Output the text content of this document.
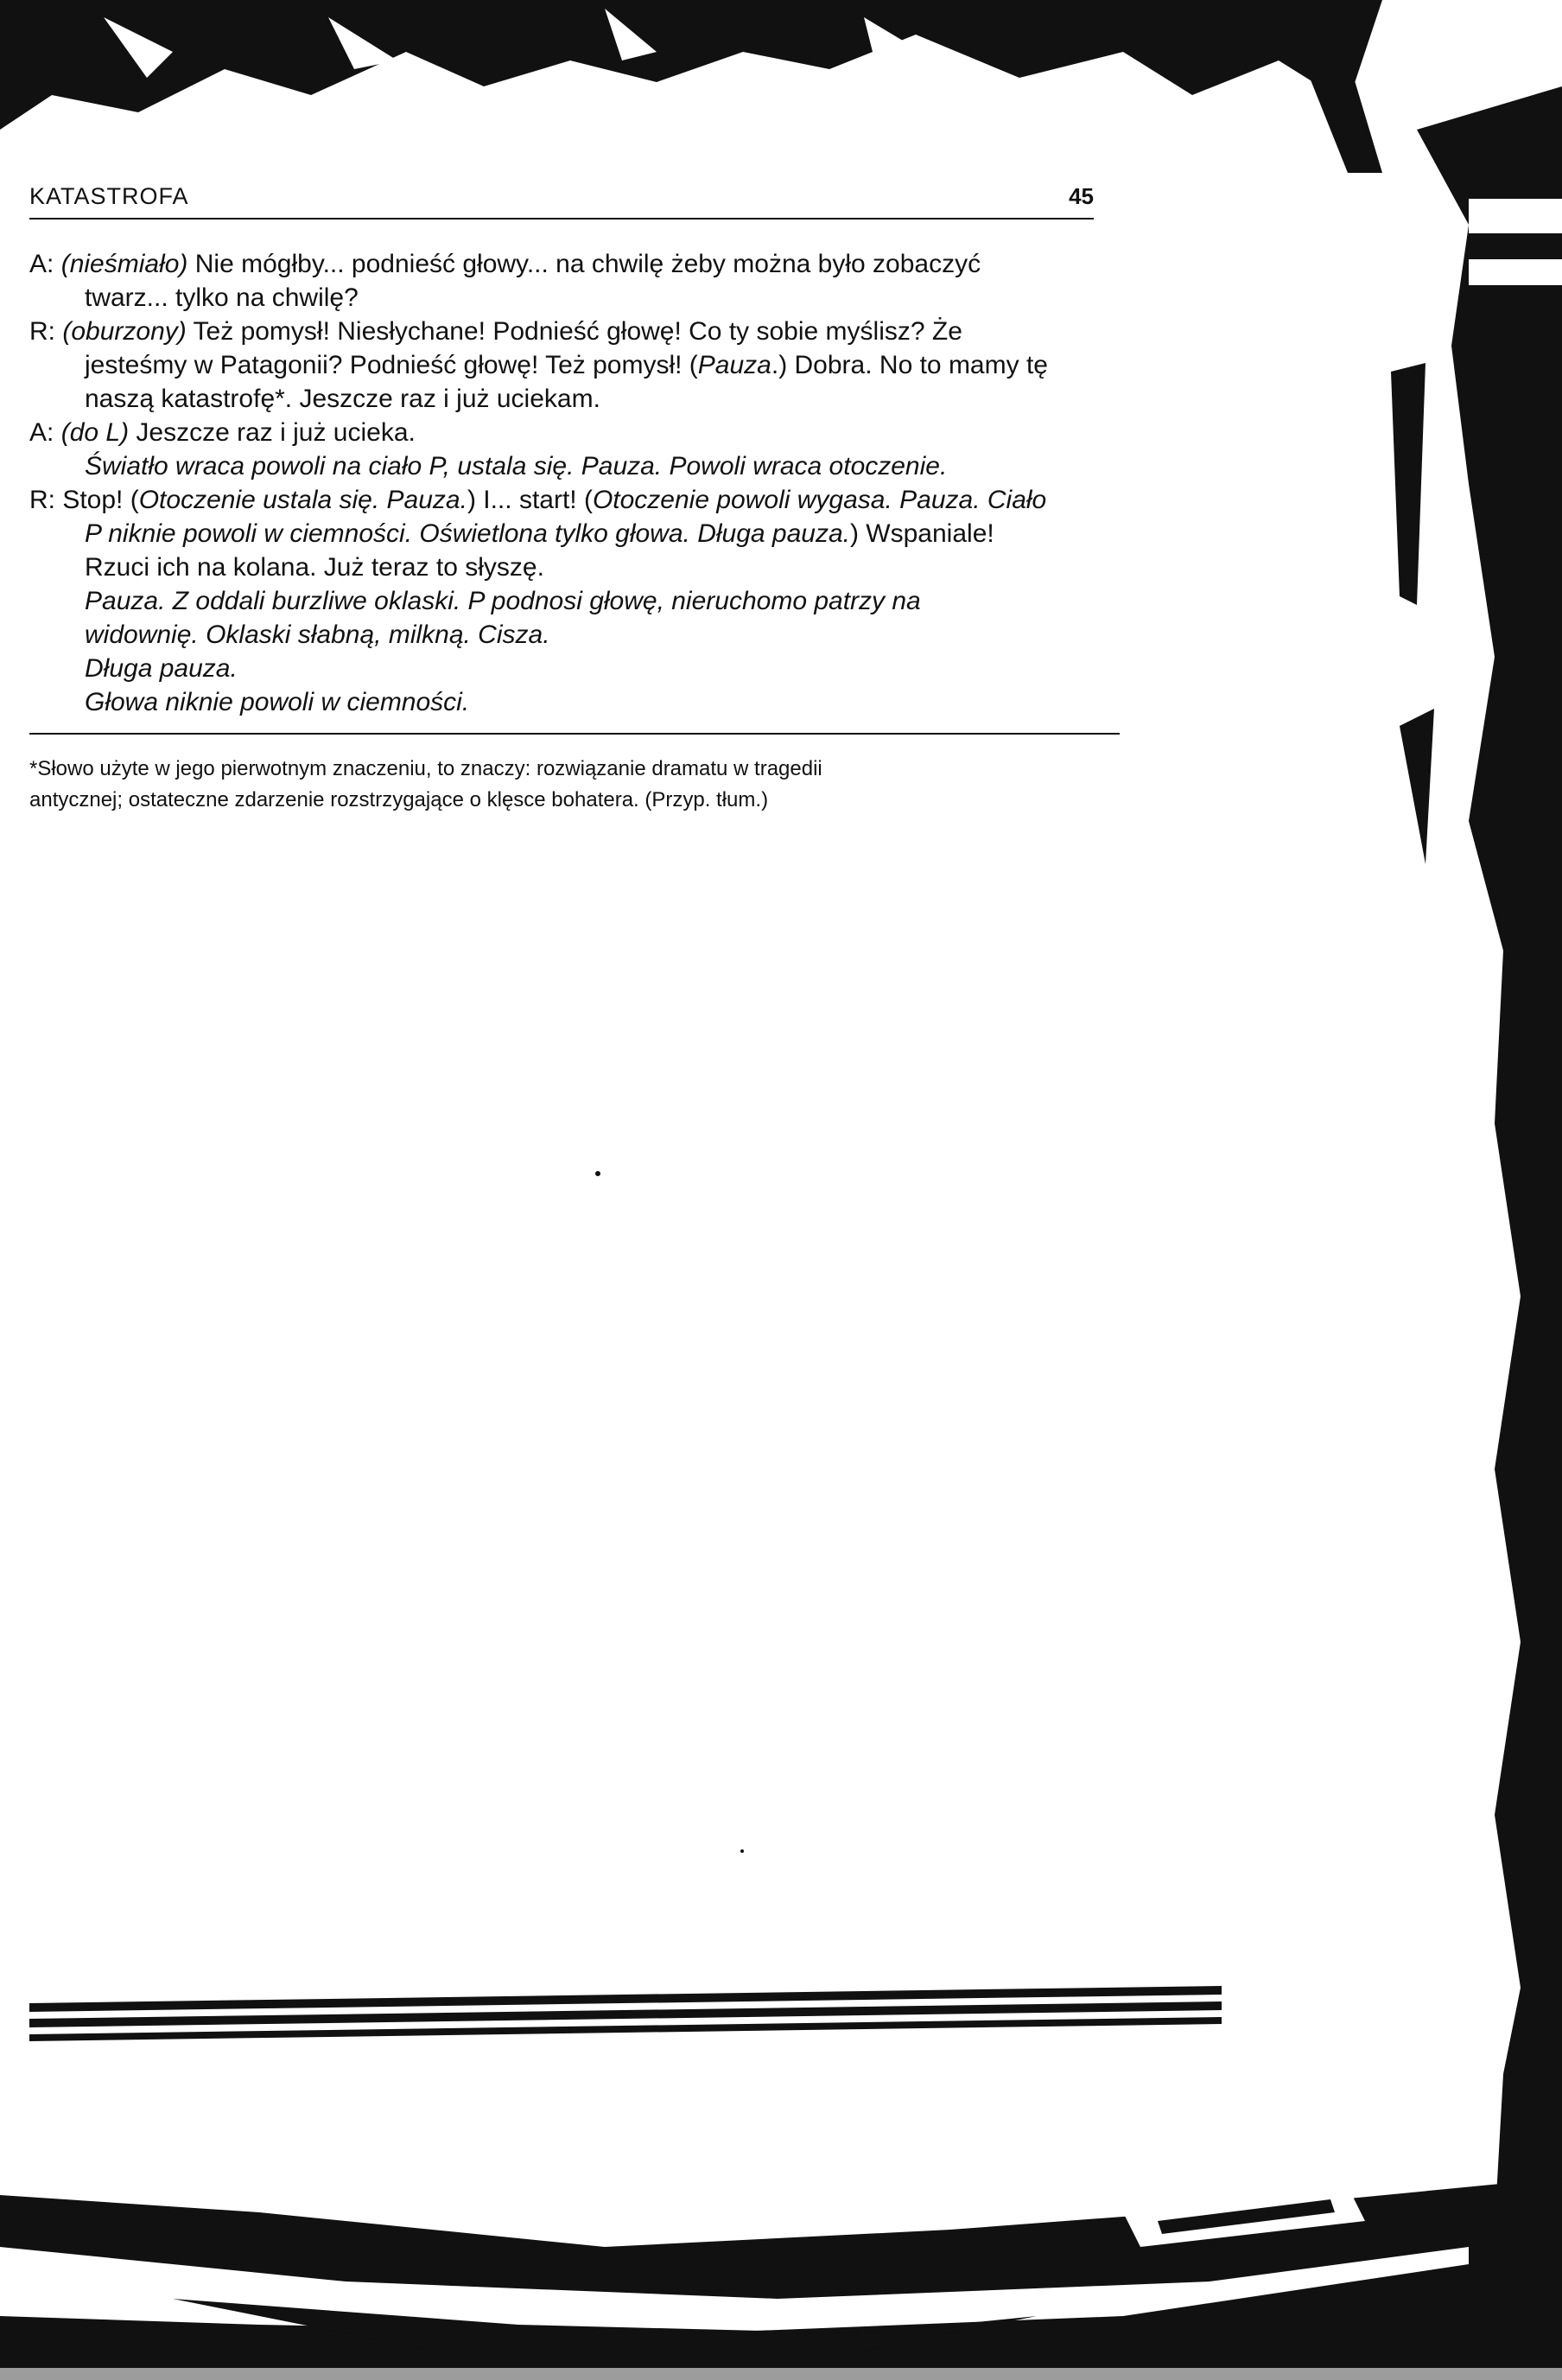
KATASTROFA	45
A: (nieśmiało) Nie mógłby... podnieść głowy... na chwilę żeby można było zobaczyć
twarz... tylko na chwilę?
R: (oburzony) Też pomysł! Niesłychane! Podnieść głowę! Co ty sobie myślisz? Że
jesteśmy w Patagonii? Podnieść głowę! Też pomysł! (Pauza.) Dobra. No to mamy tę
naszą katastrofę*. Jeszcze raz i już uciekam.
A: (do L) Jeszcze raz i już ucieka.
Światło wraca powoli na ciało P, ustala się. Pauza. Powoli wraca otoczenie.
R: Stop! (Otoczenie ustala się. Pauza.) I... start! (Otoczenie powoli wygasa. Pauza. Ciało
P niknie powoli w ciemności. Oświetlona tylko głowa. Długa pauza.) Wspaniale!
Rzuci ich na kolana. Już teraz to słyszę.
Pauza. Z oddali burzliwe oklaski. P podnosi głowę, nieruchomo patrzy na
widownię. Oklaski słabną, milkną. Cisza.
Długa pauza.
Głowa niknie powoli w ciemności.
*Słowo użyte w jego pierwotnym znaczeniu, to znaczy: rozwiązanie dramatu w tragedii
antycznej; ostateczne zdarzenie rozstrzygające o klęsce bohatera. (Przyp. tłum.)
